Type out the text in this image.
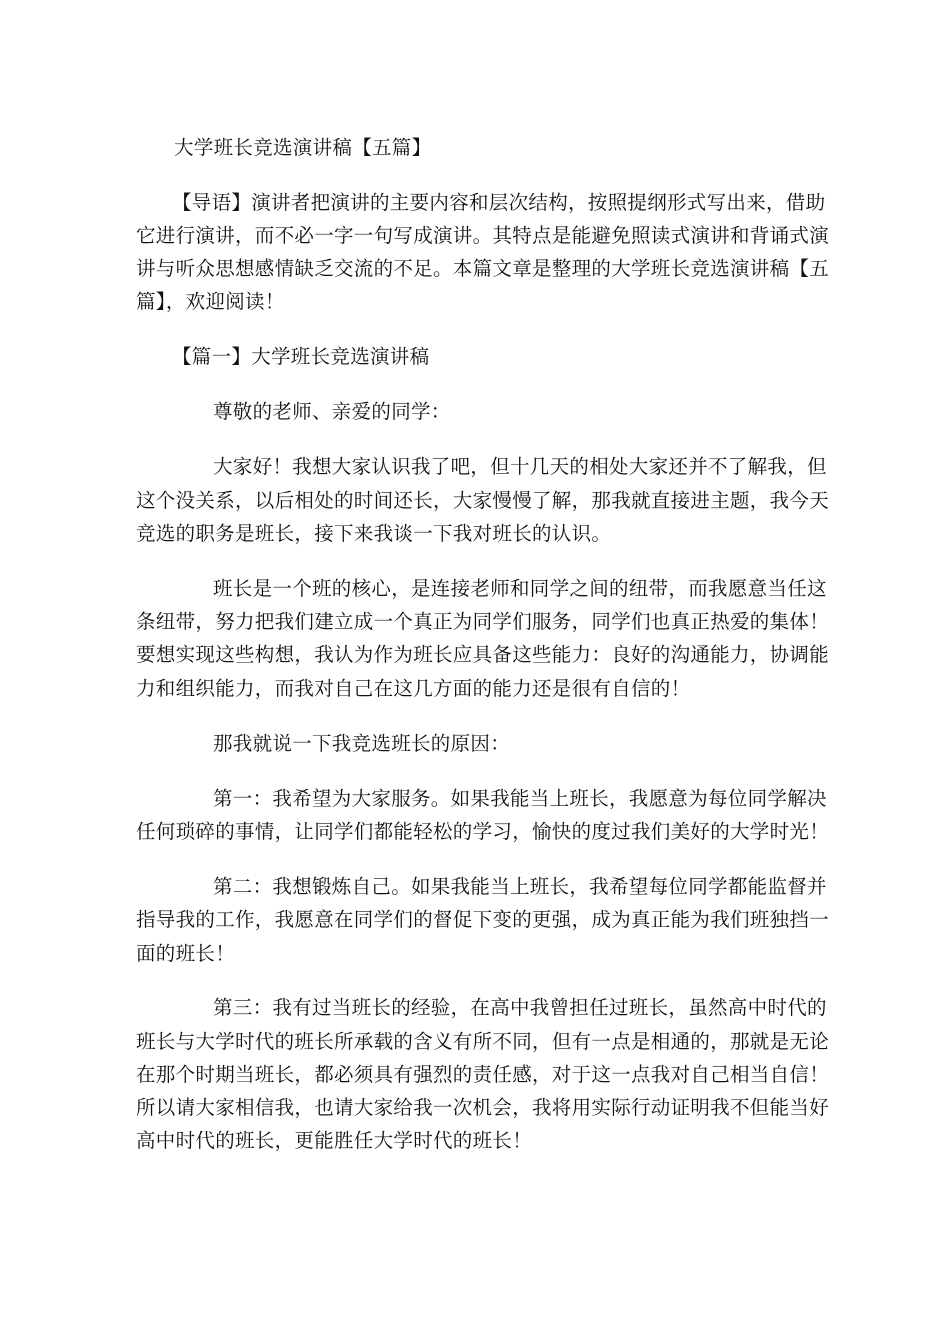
大学班长竞选演讲稿【五篇】
【导语】演讲者把演讲的主要内容和层次结构，按照提纲形式写出来，借助
它进行演讲，而不必一字一句写成演讲。其特点是能避免照读式演讲和背诵式演
讲与听众思想感情缺乏交流的不足。本篇文章是整理的大学班长竞选演讲稿【五
篇】，欢迎阅读！
【篇一】大学班长竞选演讲稿
尊敬的老师、亲爱的同学：
大家好！我想大家认识我了吧，但十几天的相处大家还并不了解我，但
这个没关系，以后相处的时间还长，大家慢慢了解，那我就直接进主题，我今天
竞选的职务是班长，接下来我谈一下我对班长的认识。
班长是一个班的核心，是连接老师和同学之间的纽带，而我愿意当任这
条纽带，努力把我们建立成一个真正为同学们服务，同学们也真正热爱的集体！
要想实现这些构想，我认为作为班长应具备这些能力：良好的沟通能力，协调能
力和组织能力，而我对自己在这几方面的能力还是很有自信的！
那我就说一下我竞选班长的原因：
第一：我希望为大家服务。如果我能当上班长，我愿意为每位同学解决
任何琐碎的事情，让同学们都能轻松的学习，愉快的度过我们美好的大学时光！
第二：我想锻炼自己。如果我能当上班长，我希望每位同学都能监督并
指导我的工作，我愿意在同学们的督促下变的更强，成为真正能为我们班独挡一
面的班长！
第三：我有过当班长的经验，在高中我曾担任过班长，虽然高中时代的
班长与大学时代的班长所承载的含义有所不同，但有一点是相通的，那就是无论
在那个时期当班长，都必须具有强烈的责任感，对于这一点我对自己相当自信！
所以请大家相信我，也请大家给我一次机会，我将用实际行动证明我不但能当好
高中时代的班长，更能胜任大学时代的班长！
